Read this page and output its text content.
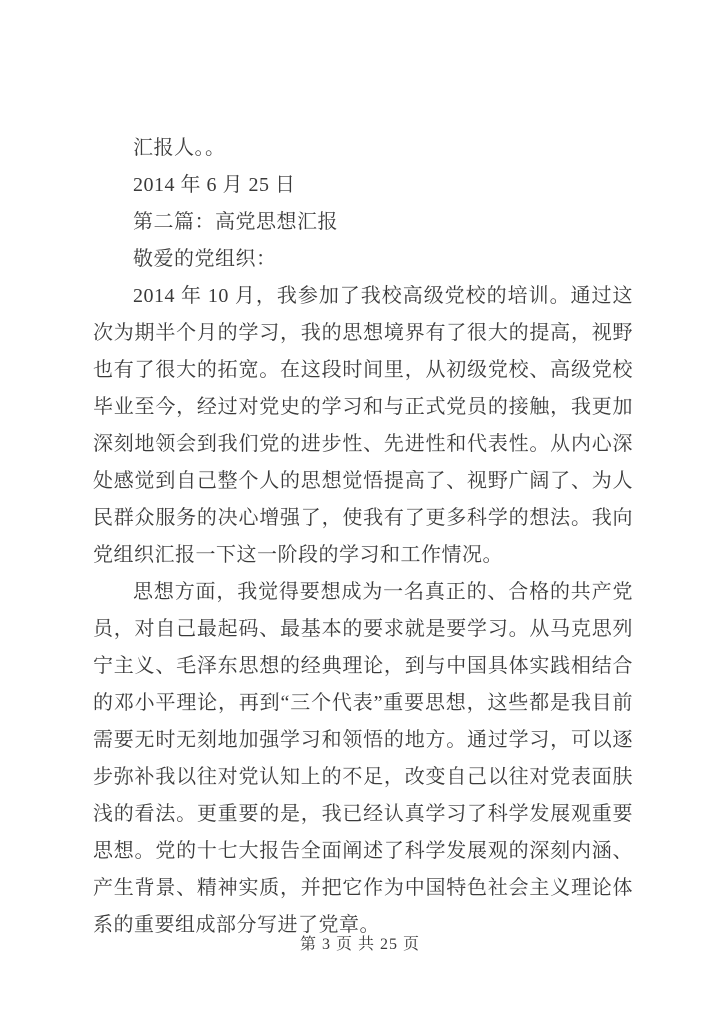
汇报人。。

2014 年 6 月 25 日

第二篇：高党思想汇报

敬爱的党组织：

2014 年 10 月，我参加了我校高级党校的培训。通过这次为期半个月的学习，我的思想境界有了很大的提高，视野也有了很大的拓宽。在这段时间里，从初级党校、高级党校毕业至今，经过对党史的学习和与正式党员的接触，我更加深刻地领会到我们党的进步性、先进性和代表性。从内心深处感觉到自己整个人的思想觉悟提高了、视野广阔了、为人民群众服务的决心增强了，使我有了更多科学的想法。我向党组织汇报一下这一阶段的学习和工作情况。

思想方面，我觉得要想成为一名真正的、合格的共产党员，对自己最起码、最基本的要求就是要学习。从马克思列宁主义、毛泽东思想的经典理论，到与中国具体实践相结合的邓小平理论，再到“三个代表”重要思想，这些都是我目前需要无时无刻地加强学习和领悟的地方。通过学习，可以逐步弥补我以往对党认知上的不足，改变自己以往对党表面肤浅的看法。更重要的是，我已经认真学习了科学发展观重要思想。党的十七大报告全面阐述了科学发展观的深刻内涵、产生背景、精神实质，并把它作为中国特色社会主义理论体系的重要组成部分写进了党章。

第 3 页 共 25 页
